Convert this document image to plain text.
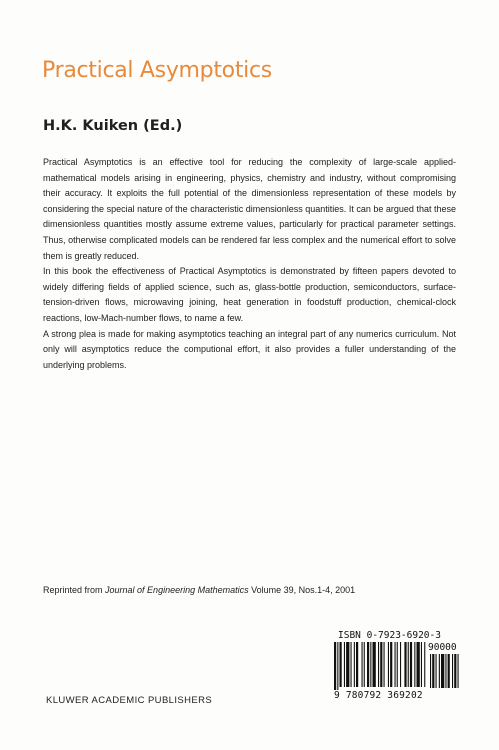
Practical Asymptotics
H.K. Kuiken (Ed.)

Practical Asymptotics is an effective tool for reducing the complexity of large-scale applied-mathematical models arising in engineering, physics, chemistry and industry, without compromising their accuracy. It exploits the full potential of the dimensionless representation of these models by considering the special nature of the characteristic dimensionless quantities. It can be argued that these dimensionless quantities mostly assume extreme values, particularly for practical parameter settings. Thus, otherwise complicated models can be rendered far less complex and the numerical effort to solve them is greatly reduced.

In this book the effectiveness of Practical Asymptotics is demonstrated by fifteen papers devoted to widely differing fields of applied science, such as, glass-bottle production, semiconductors, surface-tension-driven flows, microwaving joining, heat generation in foodstuff production, chemical-clock reactions, low-Mach-number flows, to name a few.

A strong plea is made for making asymptotics teaching an integral part of any numerics curriculum. Not only will asymptotics reduce the computional effort, it also provides a fuller understanding of the underlying problems.

Reprinted from Journal of Engineering Mathematics Volume 39, Nos.1-4, 2001
ISBN 0-7923-6920-3
90000
9 780792 369202
KLUWER ACADEMIC PUBLISHERS
